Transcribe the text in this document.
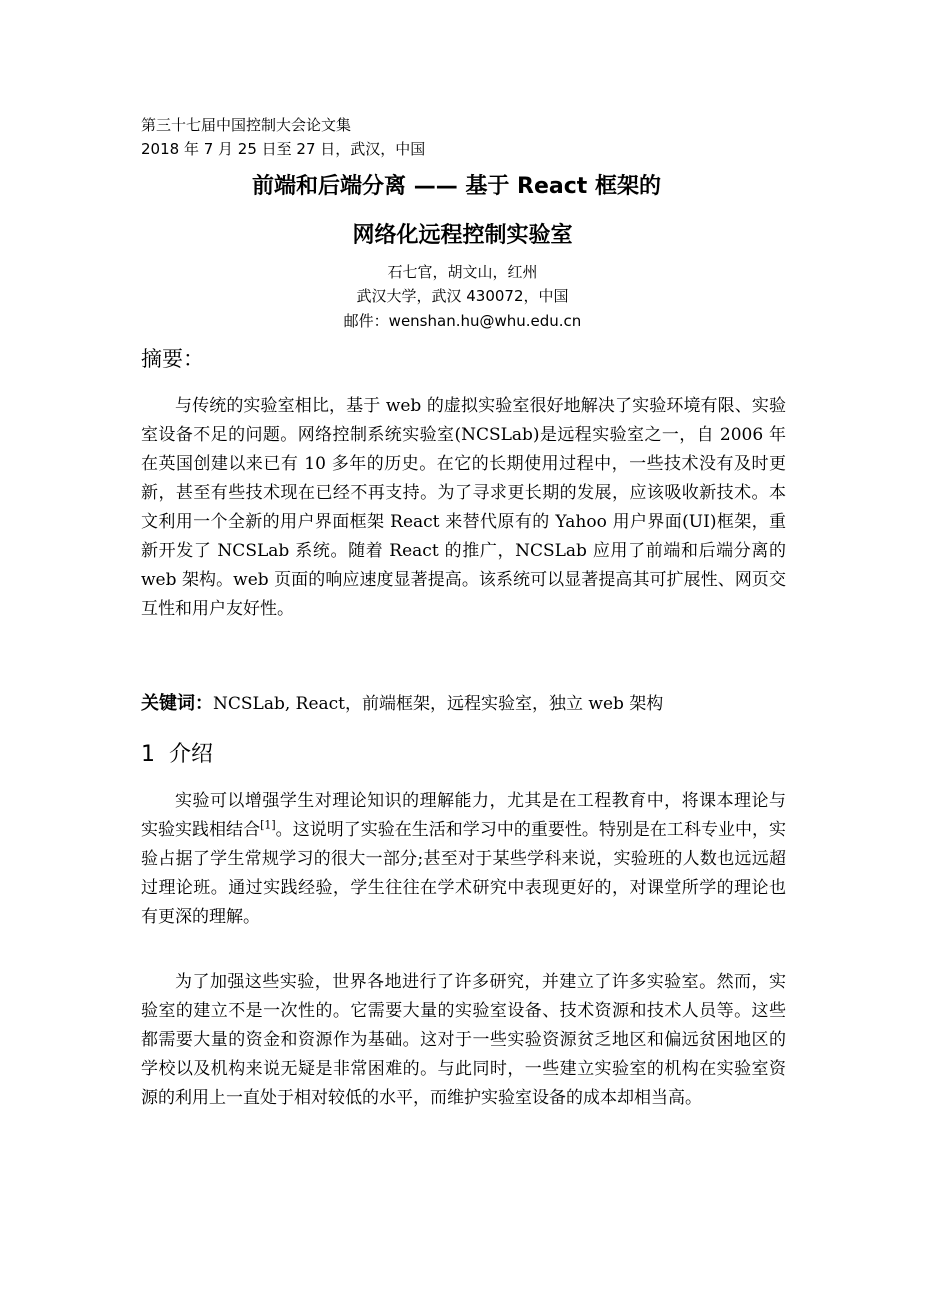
第三十七届中国控制大会论文集
2018 年 7 月 25 日至 27 日，武汉，中国
前端和后端分离 —— 基于 React 框架的
网络化远程控制实验室
石七官，胡文山，红州
武汉大学，武汉 430072，中国
邮件：wenshan.hu@whu.edu.cn
摘要：
与传统的实验室相比，基于 web 的虚拟实验室很好地解决了实验环境有限、实验室设备不足的问题。网络控制系统实验室(NCSLab)是远程实验室之一，自 2006 年在英国创建以来已有 10 多年的历史。在它的长期使用过程中，一些技术没有及时更新，甚至有些技术现在已经不再支持。为了寻求更长期的发展，应该吸收新技术。本文利用一个全新的用户界面框架 React 来替代原有的 Yahoo 用户界面(UI)框架，重新开发了 NCSLab 系统。随着 React 的推广，NCSLab 应用了前端和后端分离的 web 架构。web 页面的响应速度显著提高。该系统可以显著提高其可扩展性、网页交互性和用户友好性。
关键词：NCSLab, React，前端框架，远程实验室，独立 web 架构
1 介绍
实验可以增强学生对理论知识的理解能力，尤其是在工程教育中，将课本理论与实验实践相结合[1]。这说明了实验在生活和学习中的重要性。特别是在工科专业中，实验占据了学生常规学习的很大一部分;甚至对于某些学科来说，实验班的人数也远远超过理论班。通过实践经验，学生往往在学术研究中表现更好的，对课堂所学的理论也有更深的理解。
为了加强这些实验，世界各地进行了许多研究，并建立了许多实验室。然而，实验室的建立不是一次性的。它需要大量的实验室设备、技术资源和技术人员等。这些都需要大量的资金和资源作为基础。这对于一些实验资源贫乏地区和偏远贫困地区的学校以及机构来说无疑是非常困难的。与此同时，一些建立实验室的机构在实验室资源的利用上一直处于相对较低的水平，而维护实验室设备的成本却相当高。
